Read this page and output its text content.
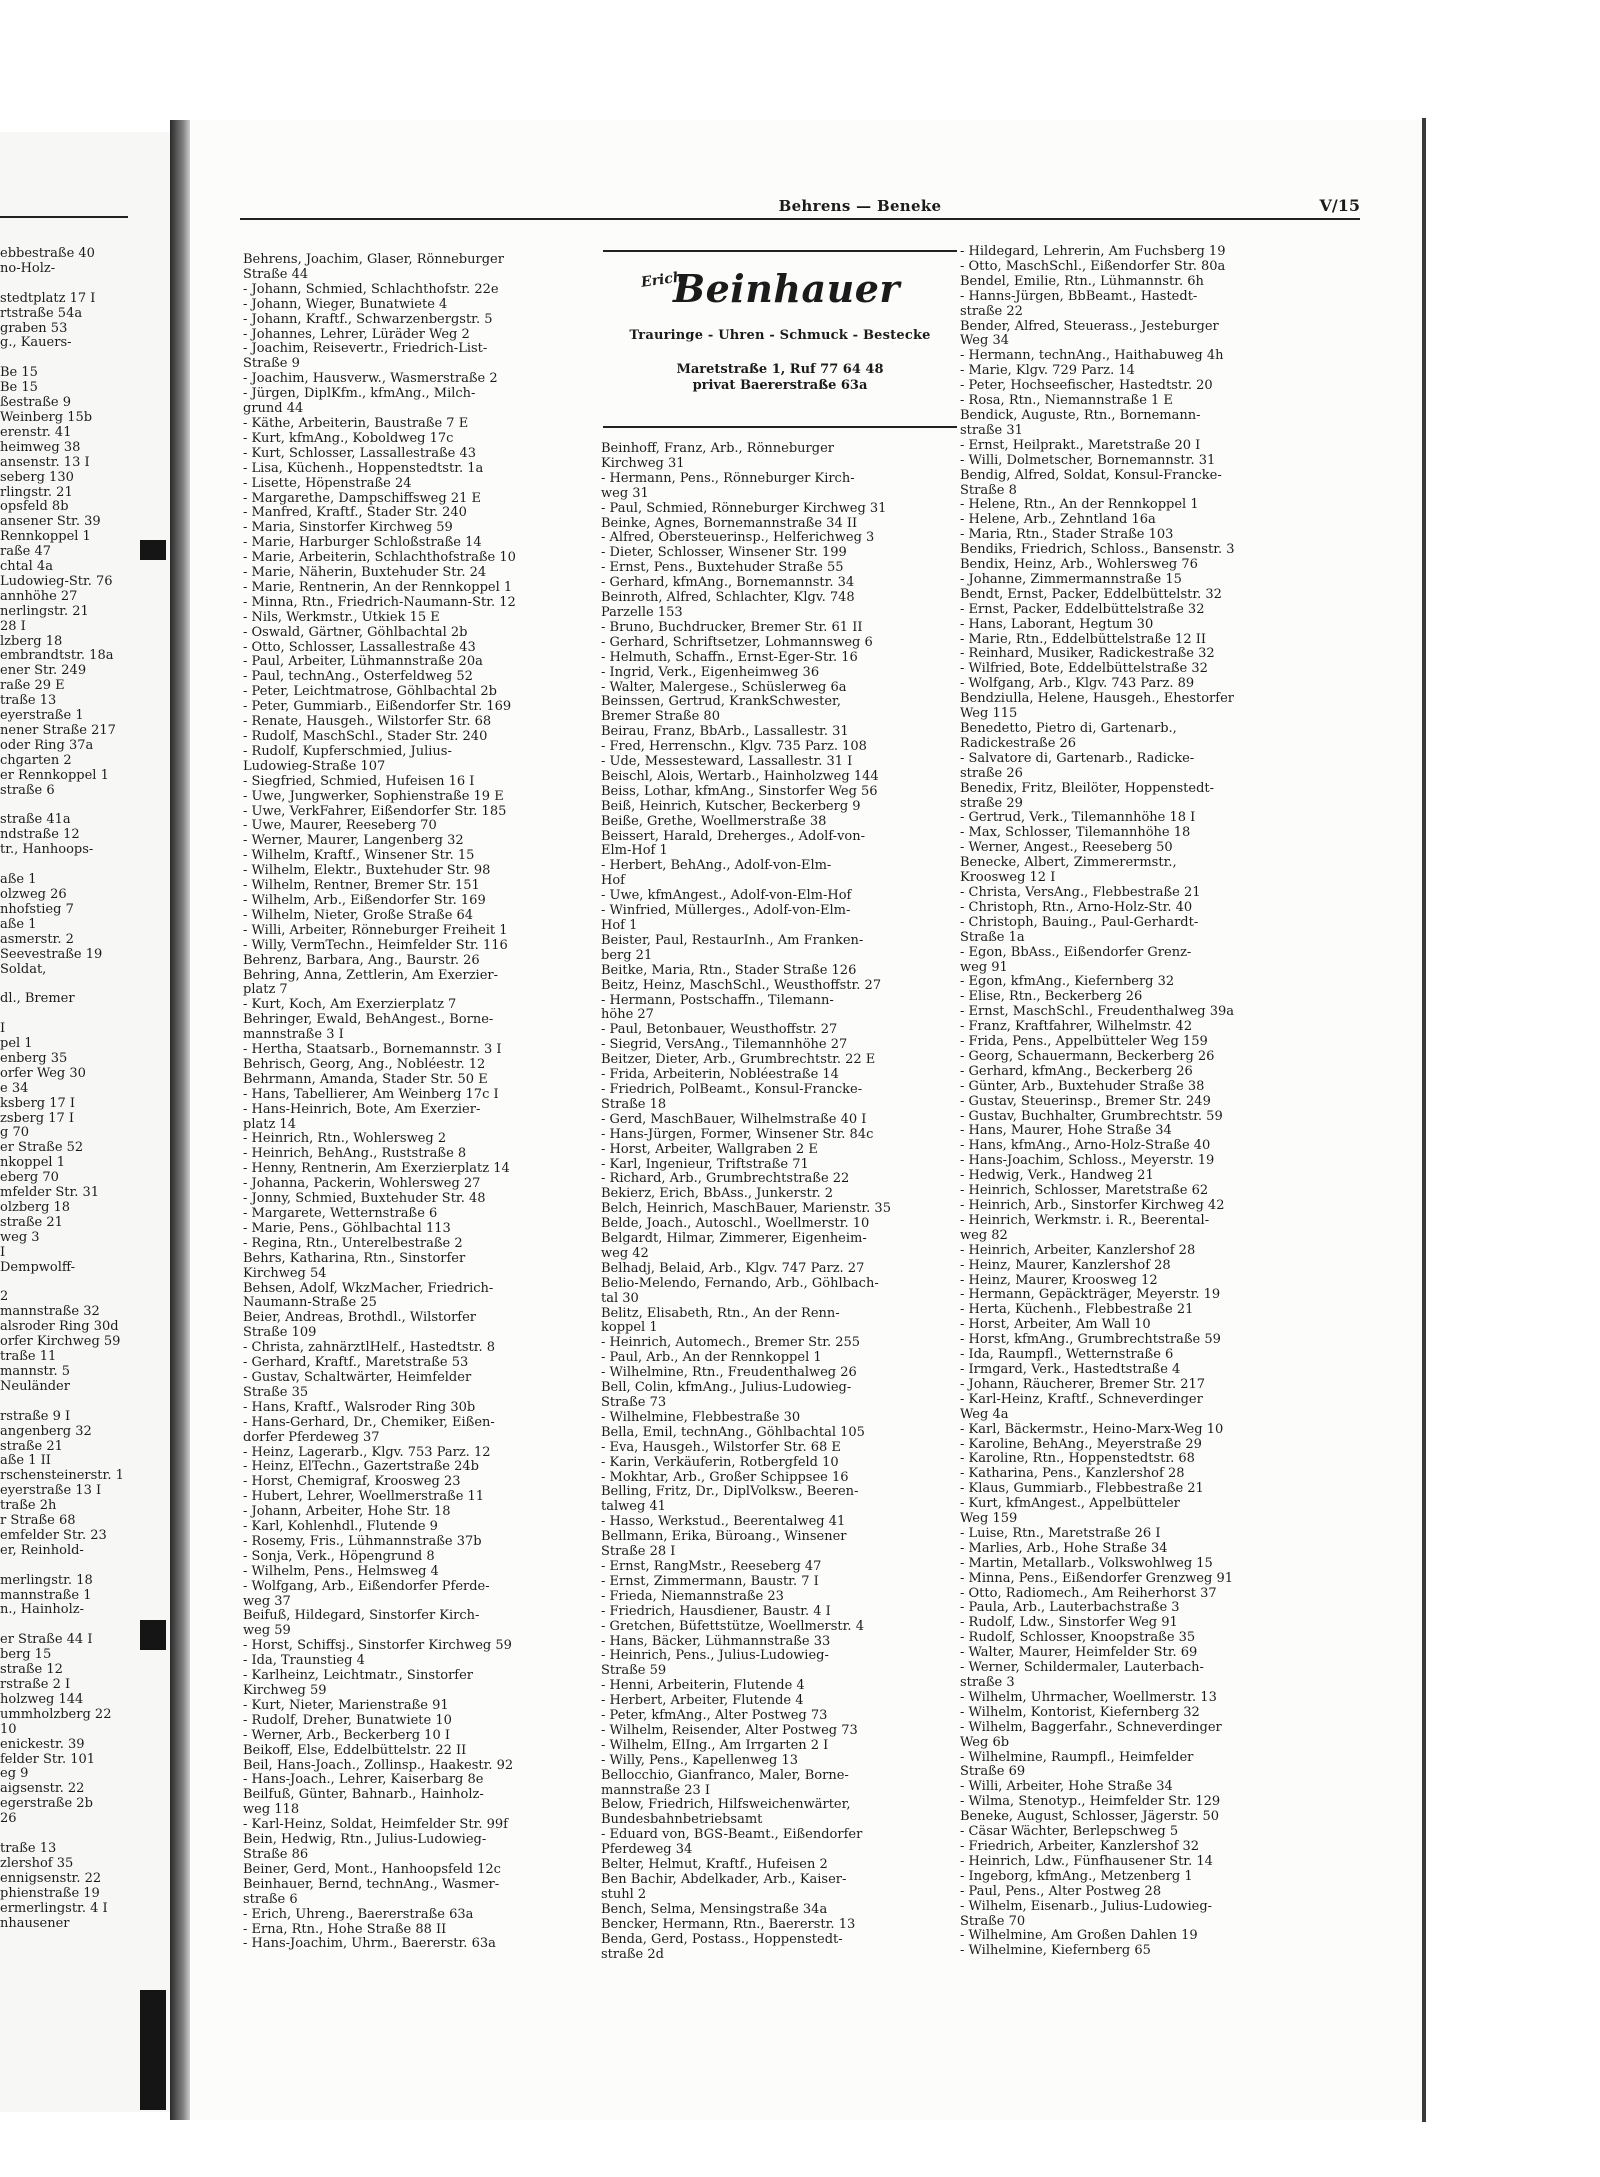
ebbestraße 40
no-Holz-

stedtplatz 17 I
rtstraße 54a
graben 53
g., Kauers-

Be 15
Be 15
ßestraße 9
Weinberg 15b
erenstr. 41
heimweg 38
ansenstr. 13 I
seberg 130
rlingstr. 21
opsfeld 8b
ansener Str. 39
Rennkoppel 1
raße 47
chtal 4a
Ludowieg-Str. 76
annhöhe 27
nerlingstr. 21
28 I
lzberg 18
embrandtstr. 18a
ener Str. 249
raße 29 E
traße 13
eyerstraße 1
nener Straße 217
oder Ring 37a
chgarten 2
er Rennkoppel 1
straße 6

straße 41a
ndstraße 12
tr., Hanhoops-

aße 1
olzweg 26
nhofstieg 7
aße 1
asmerstr. 2
Seevestraße 19
Soldat,

dl., Bremer

I
pel 1
enberg 35
orfer Weg 30
e 34
ksberg 17 I
zsberg 17 I
g 70
er Straße 52
nkoppel 1
eberg 70
mfelder Str. 31
olzberg 18
straße 21
weg 3
I
Dempwolff-

2
mannstraße 32
alsroder Ring 30d
orfer Kirchweg 59
traße 11
mannstr. 5
Neuländer

rstraße 9 I
angenberg 32
straße 21
aße 1 II
rschensteinerstr. 1
eyerstraße 13 I
traße 2h
r Straße 68
emfelder Str. 23
er, Reinhold-

merlingstr. 18
mannstraße 1
n., Hainholz-

er Straße 44 I
berg 15
straße 12
rstraße 2 I
holzweg 144
ummholzberg 22
10
enickestr. 39
felder Str. 101
eg 9
aigsenstr. 22
egerstraße 2b
26

traße 13
zlershof 35
ennigsenstr. 22
phienstraße 19
ermerlingstr. 4 I
nhausener
Behrens — Beneke	V/15
Behrens, Joachim, Glaser, Rönneburger
Straße 44
- Johann, Schmied, Schlachthofstr. 22e
- Johann, Wieger, Bunatwiete 4
- Johann, Kraftf., Schwarzenbergstr. 5
- Johannes, Lehrer, Lüräder Weg 2
- Joachim, Reisevertr., Friedrich-List-
Straße 9
- Joachim, Hausverw., Wasmerstraße 2
- Jürgen, DiplKfm., kfmAng., Milch-
grund 44
- Käthe, Arbeiterin, Baustraße 7 E
- Kurt, kfmAng., Koboldweg 17c
- Kurt, Schlosser, Lassallestraße 43
- Lisa, Küchenh., Hoppenstedtstr. 1a
- Lisette, Höpenstraße 24
- Margarethe, Dampschiffsweg 21 E
- Manfred, Kraftf., Stader Str. 240
- Maria, Sinstorfer Kirchweg 59
- Marie, Harburger Schloßstraße 14
- Marie, Arbeiterin, Schlachthofstraße 10
- Marie, Näherin, Buxtehuder Str. 24
- Marie, Rentnerin, An der Rennkoppel 1
- Minna, Rtn., Friedrich-Naumann-Str. 12
- Nils, Werkmstr., Utkiek 15 E
- Oswald, Gärtner, Göhlbachtal 2b
- Otto, Schlosser, Lassallestraße 43
- Paul, Arbeiter, Lühmannstraße 20a
- Paul, technAng., Osterfeldweg 52
- Peter, Leichtmatrose, Göhlbachtal 2b
- Peter, Gummiarb., Eißendorfer Str. 169
- Renate, Hausgeh., Wilstorfer Str. 68
- Rudolf, MaschSchl., Stader Str. 240
- Rudolf, Kupferschmied, Julius-
Ludowieg-Straße 107
- Siegfried, Schmied, Hufeisen 16 I
- Uwe, Jungwerker, Sophienstraße 19 E
- Uwe, VerkFahrer, Eißendorfer Str. 185
- Uwe, Maurer, Reeseberg 70
- Werner, Maurer, Langenberg 32
- Wilhelm, Kraftf., Winsener Str. 15
- Wilhelm, Elektr., Buxtehuder Str. 98
- Wilhelm, Rentner, Bremer Str. 151
- Wilhelm, Arb., Eißendorfer Str. 169
- Wilhelm, Nieter, Große Straße 64
- Willi, Arbeiter, Rönneburger Freiheit 1
- Willy, VermTechn., Heimfelder Str. 116
Behrenz, Barbara, Ang., Baurstr. 26
Behring, Anna, Zettlerin, Am Exerzier-
platz 7
- Kurt, Koch, Am Exerzierplatz 7
Behringer, Ewald, BehAngest., Borne-
mannstraße 3 I
- Hertha, Staatsarb., Bornemannstr. 3 I
Behrisch, Georg, Ang., Nobléestr. 12
Behrmann, Amanda, Stader Str. 50 E
- Hans, Tabellierer, Am Weinberg 17c I
- Hans-Heinrich, Bote, Am Exerzier-
platz 14
- Heinrich, Rtn., Wohlersweg 2
- Heinrich, BehAng., Ruststraße 8
- Henny, Rentnerin, Am Exerzierplatz 14
- Johanna, Packerin, Wohlersweg 27
- Jonny, Schmied, Buxtehuder Str. 48
- Margarete, Wetternstraße 6
- Marie, Pens., Göhlbachtal 113
- Regina, Rtn., Unterelbestraße 2
Behrs, Katharina, Rtn., Sinstorfer
Kirchweg 54
Behsen, Adolf, WkzMacher, Friedrich-
Naumann-Straße 25
Beier, Andreas, Brothdl., Wilstorfer
Straße 109
- Christa, zahnärztlHelf., Hastedtstr. 8
- Gerhard, Kraftf., Maretstraße 53
- Gustav, Schaltwärter, Heimfelder
Straße 35
- Hans, Kraftf., Walsroder Ring 30b
- Hans-Gerhard, Dr., Chemiker, Eißen-
dorfer Pferdeweg 37
- Heinz, Lagerarb., Klgv. 753 Parz. 12
- Heinz, ElTechn., Gazertstraße 24b
- Horst, Chemigraf, Kroosweg 23
- Hubert, Lehrer, Woellmerstraße 11
- Johann, Arbeiter, Hohe Str. 18
- Karl, Kohlenhdl., Flutende 9
- Rosemy, Fris., Lühmannstraße 37b
- Sonja, Verk., Höpengrund 8
- Wilhelm, Pens., Helmsweg 4
- Wolfgang, Arb., Eißendorfer Pferde-
weg 37
Beifuß, Hildegard, Sinstorfer Kirch-
weg 59
- Horst, Schiffsj., Sinstorfer Kirchweg 59
- Ida, Traunstieg 4
- Karlheinz, Leichtmatr., Sinstorfer
Kirchweg 59
- Kurt, Nieter, Marienstraße 91
- Rudolf, Dreher, Bunatwiete 10
- Werner, Arb., Beckerberg 10 I
Beikoff, Else, Eddelbüttelstr. 22 II
Beil, Hans-Joach., Zollinsp., Haakestr. 92
- Hans-Joach., Lehrer, Kaiserbarg 8e
Beilfuß, Günter, Bahnarb., Hainholz-
weg 118
- Karl-Heinz, Soldat, Heimfelder Str. 99f
Bein, Hedwig, Rtn., Julius-Ludowieg-
Straße 86
Beiner, Gerd, Mont., Hanhoopsfeld 12c
Beinhauer, Bernd, technAng., Wasmer-
straße 6
- Erich, Uhreng., Baererstraße 63a
- Erna, Rtn., Hohe Straße 88 II
- Hans-Joachim, Uhrm., Baererstr. 63a
Erich
Beinhauer
Trauringe - Uhren - Schmuck - Bestecke
Maretstraße 1, Ruf 77 64 48
privat Baererstraße 63a
Beinhoff, Franz, Arb., Rönneburger
Kirchweg 31
- Hermann, Pens., Rönneburger Kirch-
weg 31
- Paul, Schmied, Rönneburger Kirchweg 31
Beinke, Agnes, Bornemannstraße 34 II
- Alfred, Obersteuerinsp., Helferichweg 3
- Dieter, Schlosser, Winsener Str. 199
- Ernst, Pens., Buxtehuder Straße 55
- Gerhard, kfmAng., Bornemannstr. 34
Beinroth, Alfred, Schlachter, Klgv. 748
Parzelle 153
- Bruno, Buchdrucker, Bremer Str. 61 II
- Gerhard, Schriftsetzer, Lohmannsweg 6
- Helmuth, Schaffn., Ernst-Eger-Str. 16
- Ingrid, Verk., Eigenheimweg 36
- Walter, Malergese., Schüslerweg 6a
Beinssen, Gertrud, KrankSchwester,
Bremer Straße 80
Beirau, Franz, BbArb., Lassallestr. 31
- Fred, Herrenschn., Klgv. 735 Parz. 108
- Ude, Messesteward, Lassallestr. 31 I
Beischl, Alois, Wertarb., Hainholzweg 144
Beiss, Lothar, kfmAng., Sinstorfer Weg 56
Beiß, Heinrich, Kutscher, Beckerberg 9
Beiße, Grethe, Woellmerstraße 38
Beissert, Harald, Dreherges., Adolf-von-
Elm-Hof 1
- Herbert, BehAng., Adolf-von-Elm-
Hof
- Uwe, kfmAngest., Adolf-von-Elm-Hof
- Winfried, Müllerges., Adolf-von-Elm-
Hof 1
Beister, Paul, RestaurInh., Am Franken-
berg 21
Beitke, Maria, Rtn., Stader Straße 126
Beitz, Heinz, MaschSchl., Weusthoffstr. 27
- Hermann, Postschaffn., Tilemann-
höhe 27
- Paul, Betonbauer, Weusthoffstr. 27
- Siegrid, VersAng., Tilemannhöhe 27
Beitzer, Dieter, Arb., Grumbrechtstr. 22 E
- Frida, Arbeiterin, Nobléestraße 14
- Friedrich, PolBeamt., Konsul-Francke-
Straße 18
- Gerd, MaschBauer, Wilhelmstraße 40 I
- Hans-Jürgen, Former, Winsener Str. 84c
- Horst, Arbeiter, Wallgraben 2 E
- Karl, Ingenieur, Triftstraße 71
- Richard, Arb., Grumbrechtstraße 22
Bekierz, Erich, BbAss., Junkerstr. 2
Belch, Heinrich, MaschBauer, Marienstr. 35
Belde, Joach., Autoschl., Woellmerstr. 10
Belgardt, Hilmar, Zimmerer, Eigenheim-
weg 42
Belhadj, Belaid, Arb., Klgv. 747 Parz. 27
Belio-Melendo, Fernando, Arb., Göhlbach-
tal 30
Belitz, Elisabeth, Rtn., An der Renn-
koppel 1
- Heinrich, Automech., Bremer Str. 255
- Paul, Arb., An der Rennkoppel 1
- Wilhelmine, Rtn., Freudenthalweg 26
Bell, Colin, kfmAng., Julius-Ludowieg-
Straße 73
- Wilhelmine, Flebbestraße 30
Bella, Emil, technAng., Göhlbachtal 105
- Eva, Hausgeh., Wilstorfer Str. 68 E
- Karin, Verkäuferin, Rotbergfeld 10
- Mokhtar, Arb., Großer Schippsee 16
Belling, Fritz, Dr., DiplVolksw., Beeren-
talweg 41
- Hasso, Werkstud., Beerentalweg 41
Bellmann, Erika, Büroang., Winsener
Straße 28 I
- Ernst, RangMstr., Reeseberg 47
- Ernst, Zimmermann, Baustr. 7 I
- Frieda, Niemannstraße 23
- Friedrich, Hausdiener, Baustr. 4 I
- Gretchen, Büfettstütze, Woellmerstr. 4
- Hans, Bäcker, Lühmannstraße 33
- Heinrich, Pens., Julius-Ludowieg-
Straße 59
- Henni, Arbeiterin, Flutende 4
- Herbert, Arbeiter, Flutende 4
- Peter, kfmAng., Alter Postweg 73
- Wilhelm, Reisender, Alter Postweg 73
- Wilhelm, ElIng., Am Irrgarten 2 I
- Willy, Pens., Kapellenweg 13
Bellocchio, Gianfranco, Maler, Borne-
mannstraße 23 I
Below, Friedrich, Hilfsweichenwärter,
Bundesbahnbetriebsamt
- Eduard von, BGS-Beamt., Eißendorfer
Pferdeweg 34
Belter, Helmut, Kraftf., Hufeisen 2
Ben Bachir, Abdelkader, Arb., Kaiser-
stuhl 2
Bench, Selma, Mensingstraße 34a
Bencker, Hermann, Rtn., Baererstr. 13
Benda, Gerd, Postass., Hoppenstedt-
straße 2d
- Hildegard, Lehrerin, Am Fuchsberg 19
- Otto, MaschSchl., Eißendorfer Str. 80a
Bendel, Emilie, Rtn., Lühmannstr. 6h
- Hanns-Jürgen, BbBeamt., Hastedt-
straße 22
Bender, Alfred, Steuerass., Jesteburger
Weg 34
- Hermann, technAng., Haithabuweg 4h
- Marie, Klgv. 729 Parz. 14
- Peter, Hochseefischer, Hastedtstr. 20
- Rosa, Rtn., Niemannstraße 1 E
Bendick, Auguste, Rtn., Bornemann-
straße 31
- Ernst, Heilprakt., Maretstraße 20 I
- Willi, Dolmetscher, Bornemannstr. 31
Bendig, Alfred, Soldat, Konsul-Francke-
Straße 8
- Helene, Rtn., An der Rennkoppel 1
- Helene, Arb., Zehntland 16a
- Maria, Rtn., Stader Straße 103
Bendiks, Friedrich, Schloss., Bansenstr. 3
Bendix, Heinz, Arb., Wohlersweg 76
- Johanne, Zimmermannstraße 15
Bendt, Ernst, Packer, Eddelbüttelstr. 32
- Ernst, Packer, Eddelbüttelstraße 32
- Hans, Laborant, Hegtum 30
- Marie, Rtn., Eddelbüttelstraße 12 II
- Reinhard, Musiker, Radickestraße 32
- Wilfried, Bote, Eddelbüttelstraße 32
- Wolfgang, Arb., Klgv. 743 Parz. 89
Bendziulla, Helene, Hausgeh., Ehestorfer
Weg 115
Benedetto, Pietro di, Gartenarb.,
Radickestraße 26
- Salvatore di, Gartenarb., Radicke-
straße 26
Benedix, Fritz, Bleilöter, Hoppenstedt-
straße 29
- Gertrud, Verk., Tilemannhöhe 18 I
- Max, Schlosser, Tilemannhöhe 18
- Werner, Angest., Reeseberg 50
Benecke, Albert, Zimmerermstr.,
Kroosweg 12 I
- Christa, VersAng., Flebbestraße 21
- Christoph, Rtn., Arno-Holz-Str. 40
- Christoph, Bauing., Paul-Gerhardt-
Straße 1a
- Egon, BbAss., Eißendorfer Grenz-
weg 91
- Egon, kfmAng., Kiefernberg 32
- Elise, Rtn., Beckerberg 26
- Ernst, MaschSchl., Freudenthalweg 39a
- Franz, Kraftfahrer, Wilhelmstr. 42
- Frida, Pens., Appelbütteler Weg 159
- Georg, Schauermann, Beckerberg 26
- Gerhard, kfmAng., Beckerberg 26
- Günter, Arb., Buxtehuder Straße 38
- Gustav, Steuerinsp., Bremer Str. 249
- Gustav, Buchhalter, Grumbrechtstr. 59
- Hans, Maurer, Hohe Straße 34
- Hans, kfmAng., Arno-Holz-Straße 40
- Hans-Joachim, Schloss., Meyerstr. 19
- Hedwig, Verk., Handweg 21
- Heinrich, Schlosser, Maretstraße 62
- Heinrich, Arb., Sinstorfer Kirchweg 42
- Heinrich, Werkmstr. i. R., Beerental-
weg 82
- Heinrich, Arbeiter, Kanzlershof 28
- Heinz, Maurer, Kanzlershof 28
- Heinz, Maurer, Kroosweg 12
- Hermann, Gepäckträger, Meyerstr. 19
- Herta, Küchenh., Flebbestraße 21
- Horst, Arbeiter, Am Wall 10
- Horst, kfmAng., Grumbrechtstraße 59
- Ida, Raumpfl., Wetternstraße 6
- Irmgard, Verk., Hastedtstraße 4
- Johann, Räucherer, Bremer Str. 217
- Karl-Heinz, Kraftf., Schneverdinger
Weg 4a
- Karl, Bäckermstr., Heino-Marx-Weg 10
- Karoline, BehAng., Meyerstraße 29
- Karoline, Rtn., Hoppenstedtstr. 68
- Katharina, Pens., Kanzlershof 28
- Klaus, Gummiarb., Flebbestraße 21
- Kurt, kfmAngest., Appelbütteler
Weg 159
- Luise, Rtn., Maretstraße 26 I
- Marlies, Arb., Hohe Straße 34
- Martin, Metallarb., Volkswohlweg 15
- Minna, Pens., Eißendorfer Grenzweg 91
- Otto, Radiomech., Am Reiherhorst 37
- Paula, Arb., Lauterbachstraße 3
- Rudolf, Ldw., Sinstorfer Weg 91
- Rudolf, Schlosser, Knoopstraße 35
- Walter, Maurer, Heimfelder Str. 69
- Werner, Schildermaler, Lauterbach-
straße 3
- Wilhelm, Uhrmacher, Woellmerstr. 13
- Wilhelm, Kontorist, Kiefernberg 32
- Wilhelm, Baggerfahr., Schneverdinger
Weg 6b
- Wilhelmine, Raumpfl., Heimfelder
Straße 69
- Willi, Arbeiter, Hohe Straße 34
- Wilma, Stenotyp., Heimfelder Str. 129
Beneke, August, Schlosser, Jägerstr. 50
- Cäsar Wächter, Berlepschweg 5
- Friedrich, Arbeiter, Kanzlershof 32
- Heinrich, Ldw., Fünfhausener Str. 14
- Ingeborg, kfmAng., Metzenberg 1
- Paul, Pens., Alter Postweg 28
- Wilhelm, Eisenarb., Julius-Ludowieg-
Straße 70
- Wilhelmine, Am Großen Dahlen 19
- Wilhelmine, Kiefernberg 65
